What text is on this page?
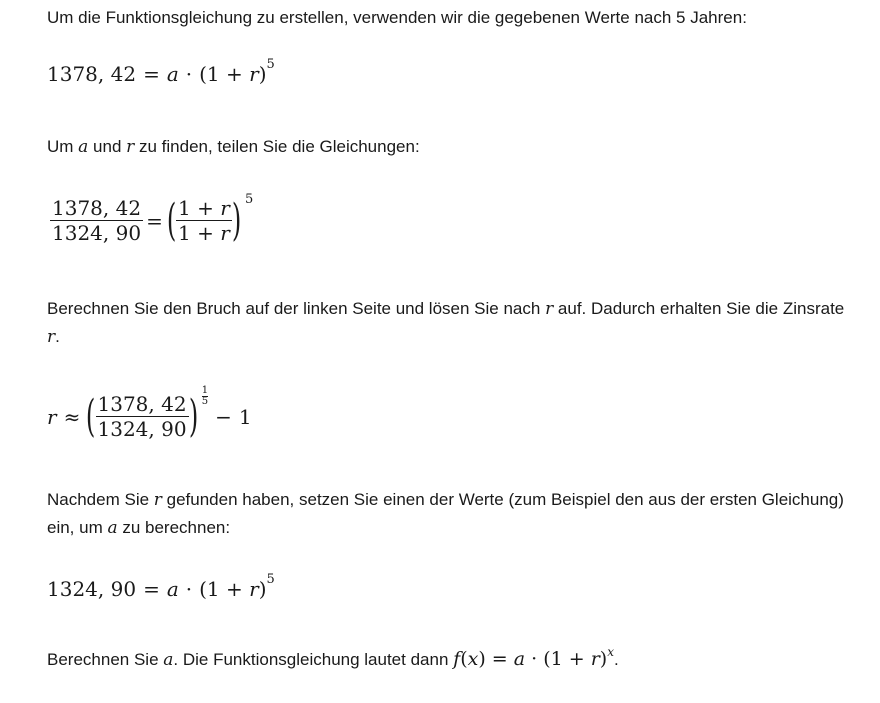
Um die Funktionsgleichung zu erstellen, verwenden wir die gegebenen Werte nach 5 Jahren:
1378, 42 = a · (1 + r )$^5$
Um a und r zu finden, teilen Sie die Gleichungen:
$\frac{1378, 42}{1324, 90}$ = ( $\frac{1 + r}{1 + r}$ ) 5
Berechnen Sie den Bruch auf der linken Seite und lösen Sie nach r auf. Dadurch erhalten Sie die Zinsrate r.
r ≈ ( $\frac{1378, 42}{1324, 90}$ ) 1
5
− 1
Nachdem Sie r gefunden haben, setzen Sie einen der Werte (zum Beispiel den aus der ersten Gleichung) ein, um a zu berechnen:
1324, 90 = a · (1 + r )$^5$
Berechnen Sie a. Die Funktionsgleichung lautet dann $f(x) = a \cdot (1 + r)^x$.
